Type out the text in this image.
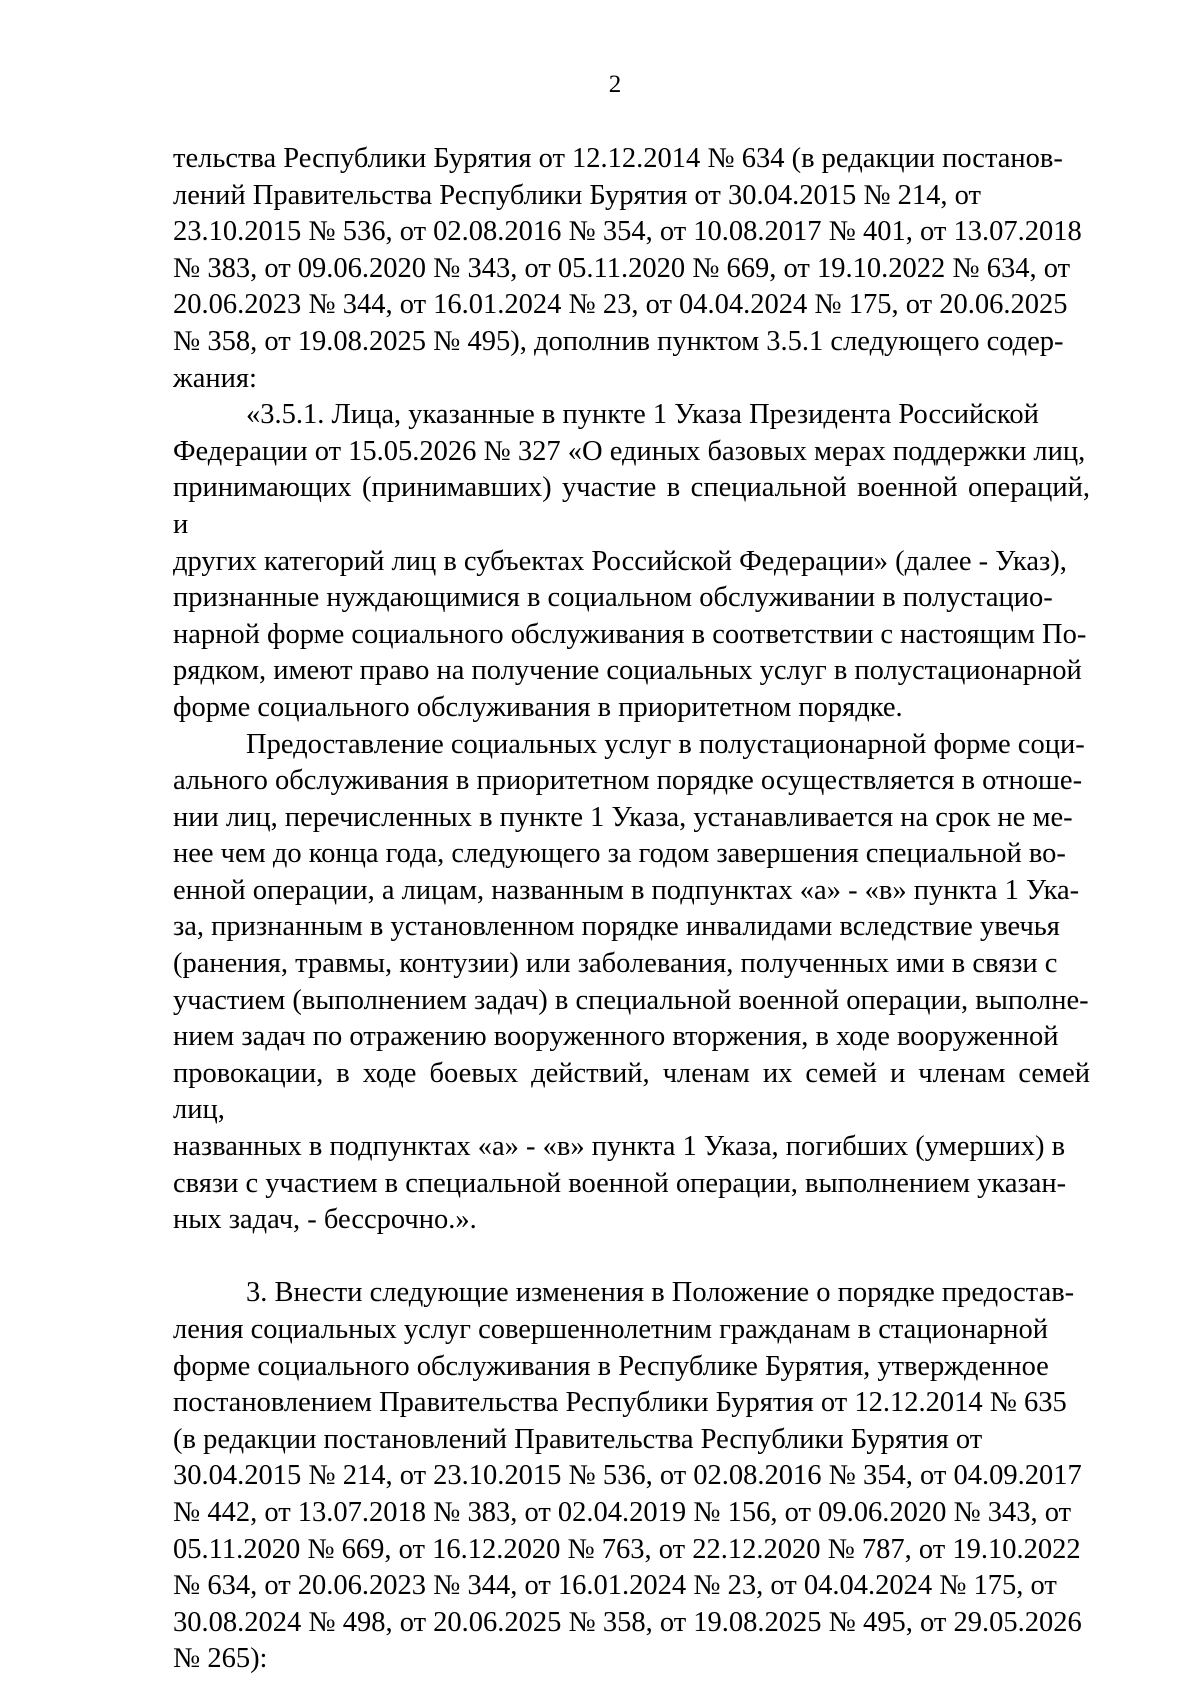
2

тельства Республики Бурятия от 12.12.2014 № 634 (в редакции постанов-
лений Правительства Республики Бурятия от 30.04.2015 № 214, от
23.10.2015 № 536, от 02.08.2016 № 354, от 10.08.2017 № 401, от 13.07.2018
№ 383, от 09.06.2020 № 343, от 05.11.2020 № 669, от 19.10.2022 № 634, от
20.06.2023 № 344, от 16.01.2024 № 23, от 04.04.2024 № 175, от 20.06.2025
№ 358, от 19.08.2025 № 495), дополнив пунктом 3.5.1 следующего содер-
жания:

«3.5.1. Лица, указанные в пункте 1 Указа Президента Российской
Федерации от 15.05.2026 № 327 «О единых базовых мерах поддержки лиц,
принимающих (принимавших) участие в специальной военной операций, и
других категорий лиц в субъектах Российской Федерации» (далее - Указ),
признанные нуждающимися в социальном обслуживании в полустацио-
нарной форме социального обслуживания в соответствии с настоящим По-
рядком, имеют право на получение социальных услуг в полустационарной
форме социального обслуживания в приоритетном порядке.

Предоставление социальных услуг в полустационарной форме соци-
ального обслуживания в приоритетном порядке осуществляется в отноше-
нии лиц, перечисленных в пункте 1 Указа, устанавливается на срок не ме-
нее чем до конца года, следующего за годом завершения специальной во-
енной операции, а лицам, названным в подпунктах «а» - «в» пункта 1 Ука-
за, признанным в установленном порядке инвалидами вследствие увечья
(ранения, травмы, контузии) или заболевания, полученных ими в связи с
участием (выполнением задач) в специальной военной операции, выполне-
нием задач по отражению вооруженного вторжения, в ходе вооруженной
провокации, в ходе боевых действий, членам их семей и членам семей лиц,
названных в подпунктах «а» - «в» пункта 1 Указа, погибших (умерших) в
связи с участием в специальной военной операции, выполнением указан-
ных задач, - бессрочно.».

3. Внести следующие изменения в Положение о порядке предостав-
ления социальных услуг совершеннолетним гражданам в стационарной
форме социального обслуживания в Республике Бурятия, утвержденное
постановлением Правительства Республики Бурятия от 12.12.2014 № 635
(в редакции постановлений Правительства Республики Бурятия от
30.04.2015 № 214, от 23.10.2015 № 536, от 02.08.2016 № 354, от 04.09.2017
№ 442, от 13.07.2018 № 383, от 02.04.2019 № 156, от 09.06.2020 № 343, от
05.11.2020 № 669, от 16.12.2020 № 763, от 22.12.2020 № 787, от 19.10.2022
№ 634, от 20.06.2023 № 344, от 16.01.2024 № 23, от 04.04.2024 № 175, от
30.08.2024 № 498, от 20.06.2025 № 358, от 19.08.2025 № 495, от 29.05.2026
№ 265):
